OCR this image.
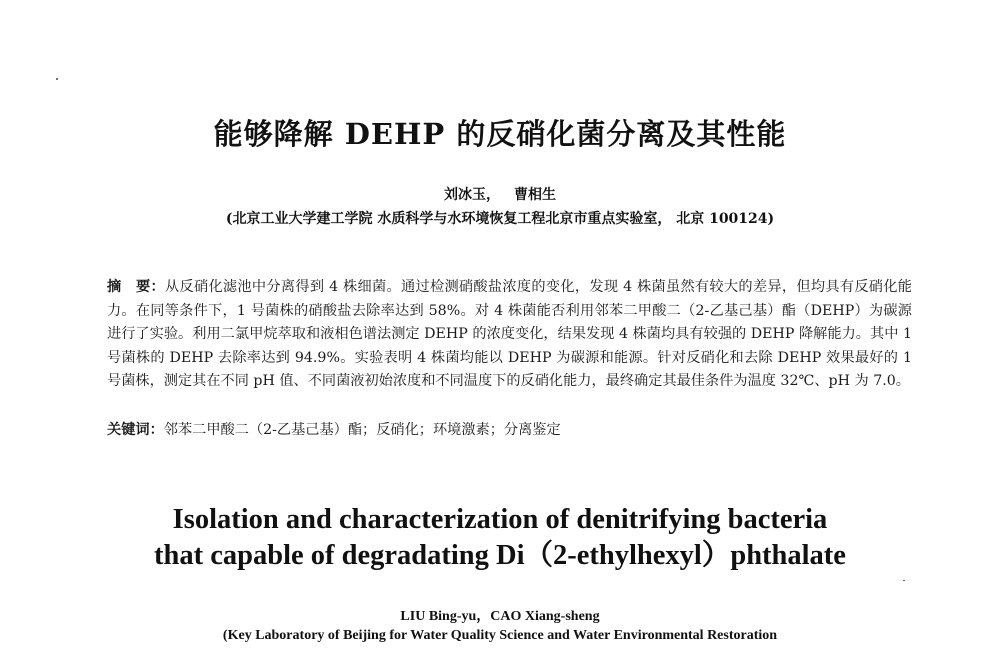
能够降解 DEHP 的反硝化菌分离及其性能
刘冰玉， 曹相生
(北京工业大学建工学院 水质科学与水环境恢复工程北京市重点实验室， 北京 100124)
摘　要：从反硝化滤池中分离得到 4 株细菌。通过检测硝酸盐浓度的变化，发现 4 株菌虽然有较大的差异，但均具有反硝化能力。在同等条件下，1 号菌株的硝酸盐去除率达到 58%。对 4 株菌能否利用邻苯二甲酸二（2-乙基己基）酯（DEHP）为碳源进行了实验。利用二氯甲烷萃取和液相色谱法测定 DEHP 的浓度变化，结果发现 4 株菌均具有较强的 DEHP 降解能力。其中 1 号菌株的 DEHP 去除率达到 94.9%。实验表明 4 株菌均能以 DEHP 为碳源和能源。针对反硝化和去除 DEHP 效果最好的 1 号菌株，测定其在不同 pH 值、不同菌液初始浓度和不同温度下的反硝化能力，最终确定其最佳条件为温度 32℃、pH 为 7.0。
关键词：邻苯二甲酸二（2-乙基己基）酯；反硝化；环境激素；分离鉴定
Isolation and characterization of denitrifying bacteria
that capable of degradating Di（2-ethylhexyl）phthalate
LIU Bing-yu，CAO Xiang-sheng
(Key Laboratory of Beijing for Water Quality Science and Water Environmental Restoration
